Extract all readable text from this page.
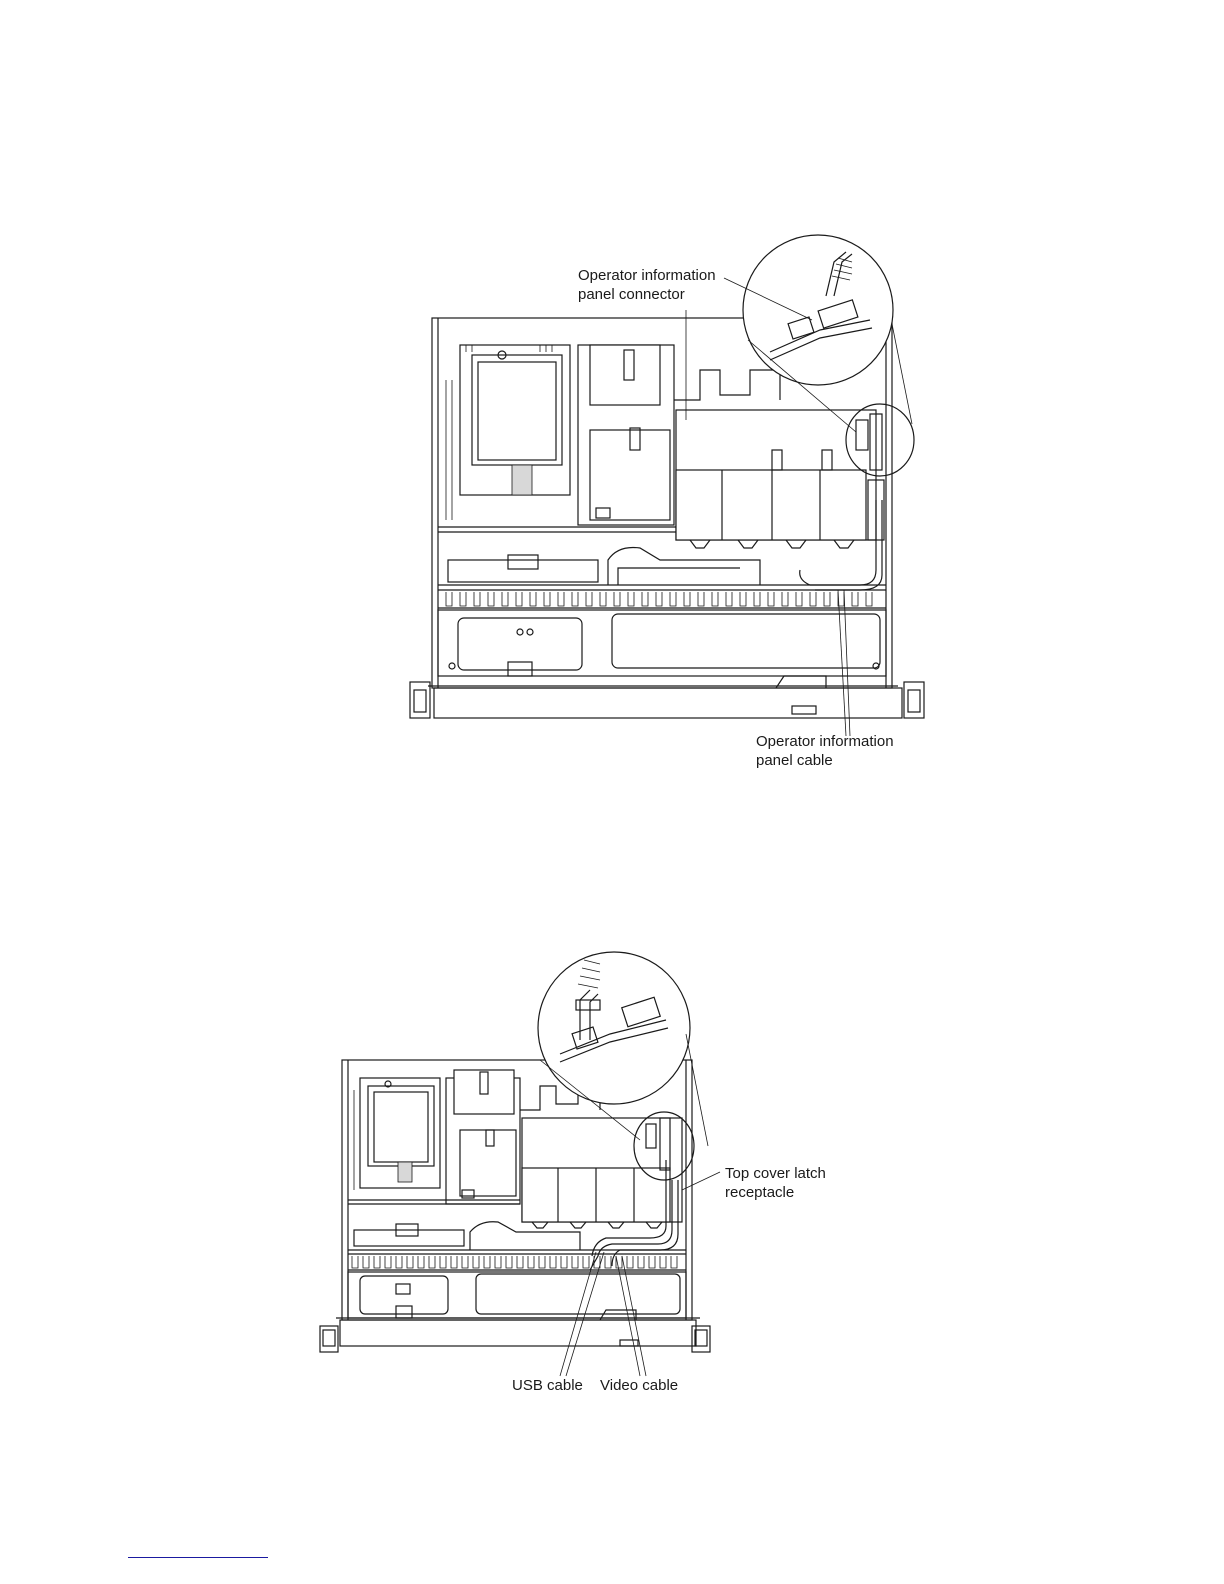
Operator information
panel connector
Operator information
panel cable
Top cover latch
receptacle
USB cable Video cable
